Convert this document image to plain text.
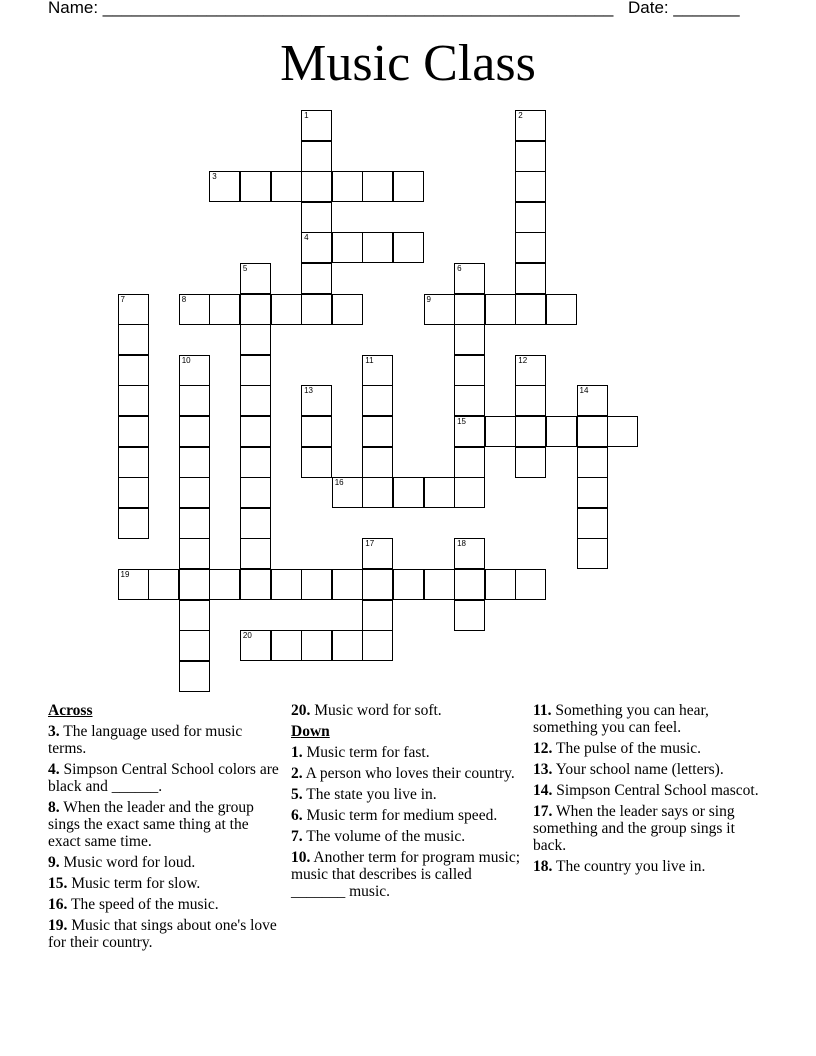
Name: ______________________________________________________ Date: _______
Music Class
1
4
2
3
5	6
15
7	8	9
10	11	12
13	14
16
17	18
19
20
Across
3. The language used for music terms.
4. Simpson Central School colors are black and ______.
8. When the leader and the group sings the exact same thing at the exact same time.
9. Music word for loud.
15. Music term for slow.
16. The speed of the music.
19. Music that sings about one's love for their country.
20. Music word for soft.
Down
1. Music term for fast.
2. A person who loves their country.
5. The state you live in.
6. Music term for medium speed.
7. The volume of the music.
10. Another term for program music; music that describes is called _______ music.
11. Something you can hear, something you can feel.
12. The pulse of the music.
13. Your school name (letters).
14. Simpson Central School mascot.
17. When the leader says or sing something and the group sings it back.
18. The country you live in.
